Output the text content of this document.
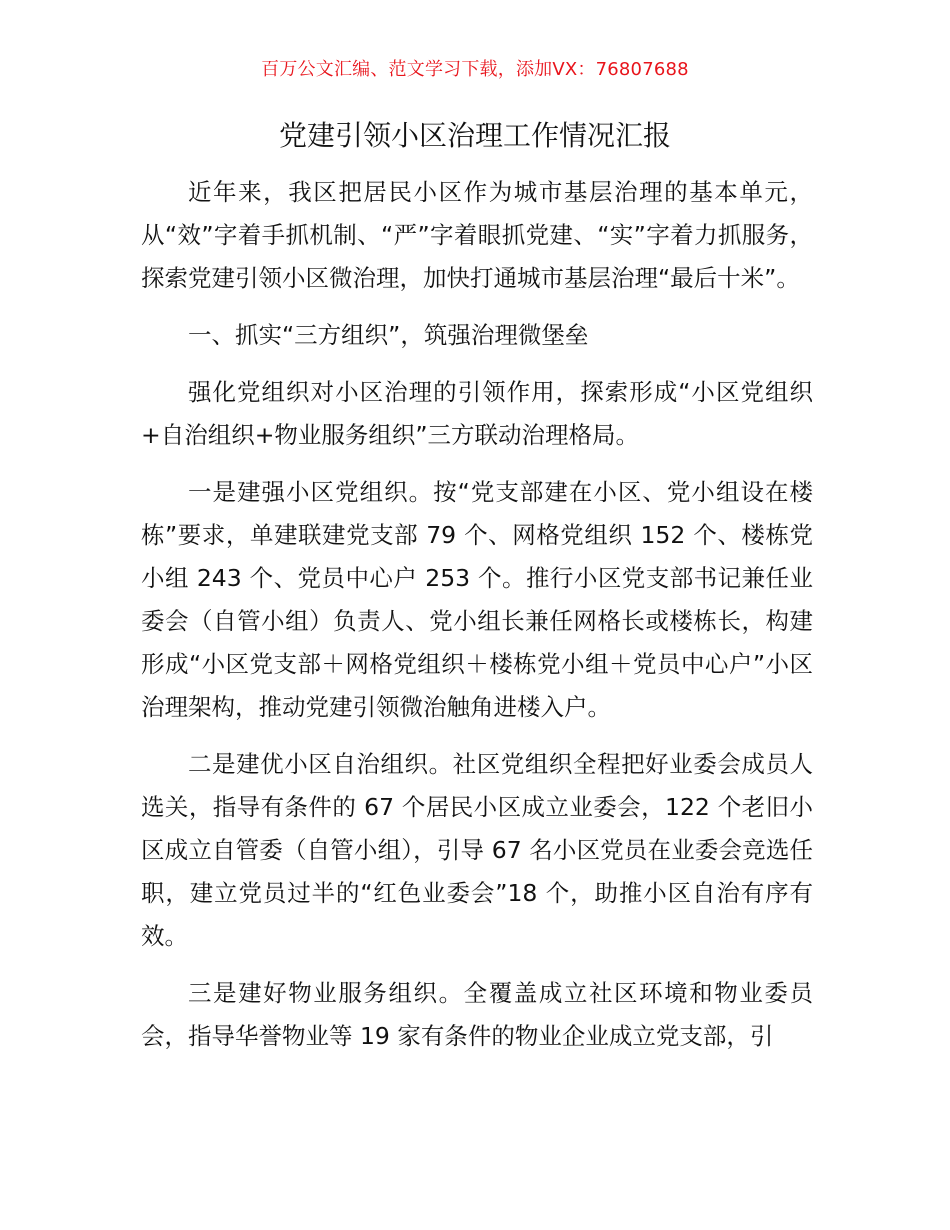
百万公文汇编、范文学习下载，添加VX：76807688
党建引领小区治理工作情况汇报

近年来，我区把居民小区作为城市基层治理的基本单元，从“效”字着手抓机制、“严”字着眼抓党建、“实”字着力抓服务，探索党建引领小区微治理，加快打通城市基层治理“最后十米”。

一、抓实“三方组织”，筑强治理微堡垒

强化党组织对小区治理的引领作用，探索形成“小区党组织+自治组织+物业服务组织”三方联动治理格局。

一是建强小区党组织。按“党支部建在小区、党小组设在楼栋”要求，单建联建党支部 79 个、网格党组织 152 个、楼栋党小组 243 个、党员中心户 253 个。推行小区党支部书记兼任业委会（自管小组）负责人、党小组长兼任网格长或楼栋长，构建形成“小区党支部＋网格党组织＋楼栋党小组＋党员中心户”小区治理架构，推动党建引领微治触角进楼入户。

二是建优小区自治组织。社区党组织全程把好业委会成员人选关，指导有条件的 67 个居民小区成立业委会，122 个老旧小区成立自管委（自管小组），引导 67 名小区党员在业委会竞选任职，建立党员过半的“红色业委会”18 个，助推小区自治有序有效。

三是建好物业服务组织。全覆盖成立社区环境和物业委员会，指导华誉物业等 19 家有条件的物业企业成立党支部，引
